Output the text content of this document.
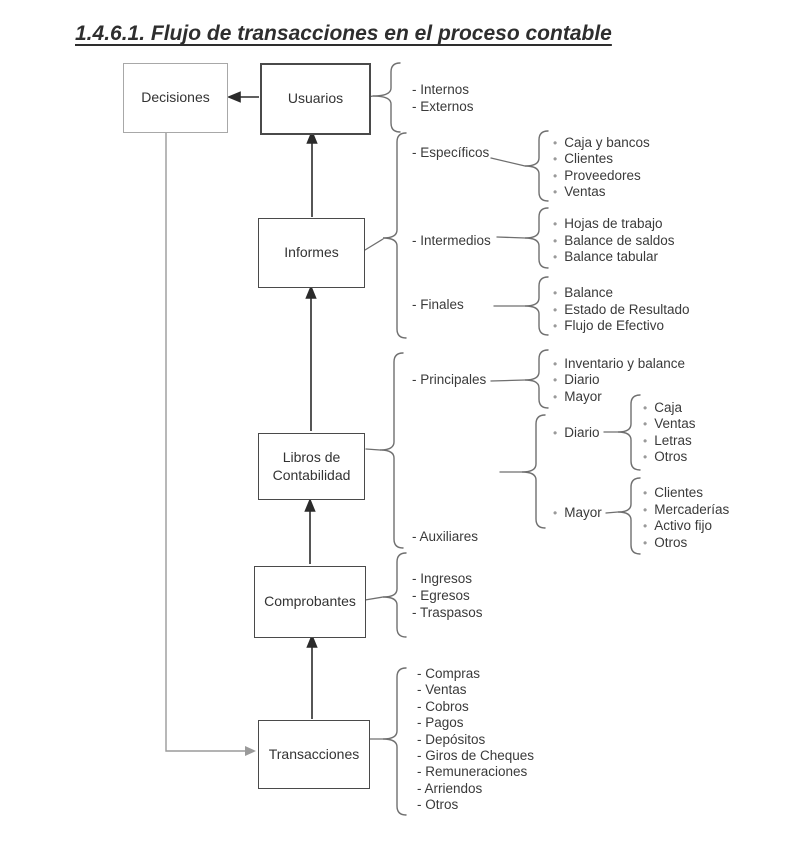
1.4.6.1. Flujo de transacciones en el proceso contable
Decisiones	Usuarios
Informes
Libros de Contabilidad
Comprobantes
Transacciones
- Internos
- Externos
- Específicos
- Intermedios
- Finales
• Caja y bancos
• Clientes
• Proveedores
• Ventas
• Hojas de trabajo
• Balance de saldos
• Balance tabular
• Balance
• Estado de Resultado
• Flujo de Efectivo
- Principales
- Auxiliares
• Inventario y balance
• Diario
• Mayor
• Diario
• Mayor
• Caja
• Ventas
• Letras
• Otros
• Clientes
• Mercaderías
• Activo fijo
• Otros
- Ingresos
- Egresos
- Traspasos
- Compras
- Ventas
- Cobros
- Pagos
- Depósitos
- Giros de Cheques
- Remuneraciones
- Arriendos
- Otros
